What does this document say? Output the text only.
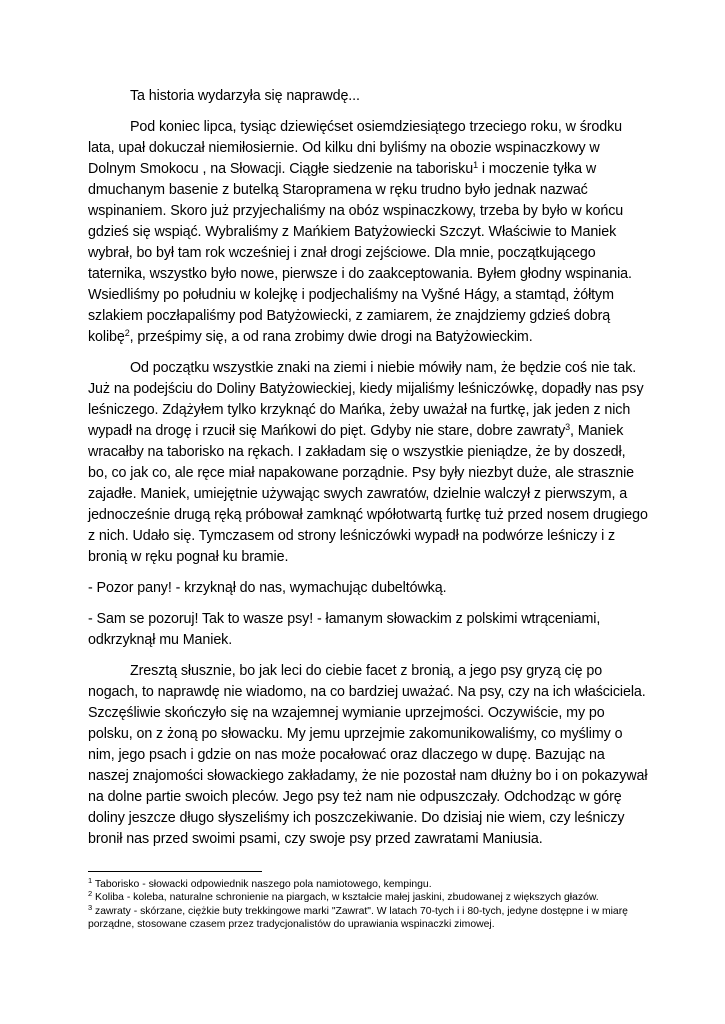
Ta historia wydarzyła się naprawdę...

Pod koniec lipca, tysiąc dziewięćset osiemdziesiątego trzeciego roku, w środku lata, upał dokuczał niemiłosiernie. Od kilku dni byliśmy na obozie wspinaczkowy w Dolnym Smokocu , na Słowacji. Ciągłe siedzenie na taborisku$^1$ i moczenie tyłka w dmuchanym basenie z butelką Staropramena w ręku trudno było jednak nazwać wspinaniem. Skoro już przyjechaliśmy na obóz wspinaczkowy, trzeba by było w końcu gdzieś się wspiąć. Wybraliśmy z Mańkiem Batyżowiecki Szczyt. Właściwie to Maniek wybrał, bo był tam rok wcześniej i znał drogi zejściowe. Dla mnie, początkującego taternika, wszystko było nowe, pierwsze i do zaakceptowania. Byłem głodny wspinania. Wsiedliśmy po południu w kolejkę i podjechaliśmy na Vyšné Hágy, a stamtąd, żółtym szlakiem poczłapaliśmy pod Batyżowiecki, z zamiarem, że znajdziemy gdzieś dobrą kolibę$^2$, prześpimy się, a od rana zrobimy dwie drogi na Batyżowieckim.

Od początku wszystkie znaki na ziemi i niebie mówiły nam, że będzie coś nie tak. Już na podejściu do Doliny Batyżowieckiej, kiedy mijaliśmy leśniczówkę, dopadły nas psy leśniczego. Zdążyłem tylko krzyknąć do Mańka, żeby uważał na furtkę, jak jeden z nich wypadł na drogę i rzucił się Mańkowi do pięt. Gdyby nie stare, dobre zawraty$^3$, Maniek wracałby na taborisko na rękach. I zakładam się o wszystkie pieniądze, że by doszedł, bo, co jak co, ale ręce miał napakowane porządnie. Psy były niezbyt duże, ale strasznie zajadłe. Maniek, umiejętnie używając swych zawratów, dzielnie walczył z pierwszym, a jednocześnie drugą ręką próbował zamknąć wpółotwartą furtkę tuż przed nosem drugiego z nich. Udało się. Tymczasem od strony leśniczówki wypadł na podwórze leśniczy i z bronią w ręku pognał ku bramie.

- Pozor pany! - krzyknął do nas, wymachując dubeltówką.

- Sam se pozoruj! Tak to wasze psy! - łamanym słowackim z polskimi wtrąceniami, odkrzyknął mu Maniek.

Zresztą słusznie, bo jak leci do ciebie facet z bronią, a jego psy gryzą cię po nogach, to naprawdę nie wiadomo, na co bardziej uważać. Na psy, czy na ich właściciela. Szczęśliwie skończyło się na wzajemnej wymianie uprzejmości. Oczywiście, my po polsku, on z żoną po słowacku. My jemu uprzejmie zakomunikowaliśmy, co myślimy o nim, jego psach i gdzie on nas może pocałować oraz dlaczego w dupę. Bazując na naszej znajomości słowackiego zakładamy, że nie pozostał nam dłużny bo i on pokazywał na dolne partie swoich pleców. Jego psy też nam nie odpuszczały. Odchodząc w górę doliny jeszcze długo słyszeliśmy ich poszczekiwanie. Do dzisiaj nie wiem, czy leśniczy bronił nas przed swoimi psami, czy swoje psy przed zawratami Maniusia.

$^1$ Taborisko - słowacki odpowiednik naszego pola namiotowego, kempingu.

$^2$ Koliba - koleba, naturalne schronienie na piargach, w kształcie małej jaskini, zbudowanej z większych głazów.

$^3$ zawraty - skórzane, ciężkie buty trekkingowe marki "Zawrat". W latach 70-tych i i 80-tych, jedyne dostępne i w miarę porządne, stosowane czasem przez tradycjonalistów do uprawiania wspinaczki zimowej.
